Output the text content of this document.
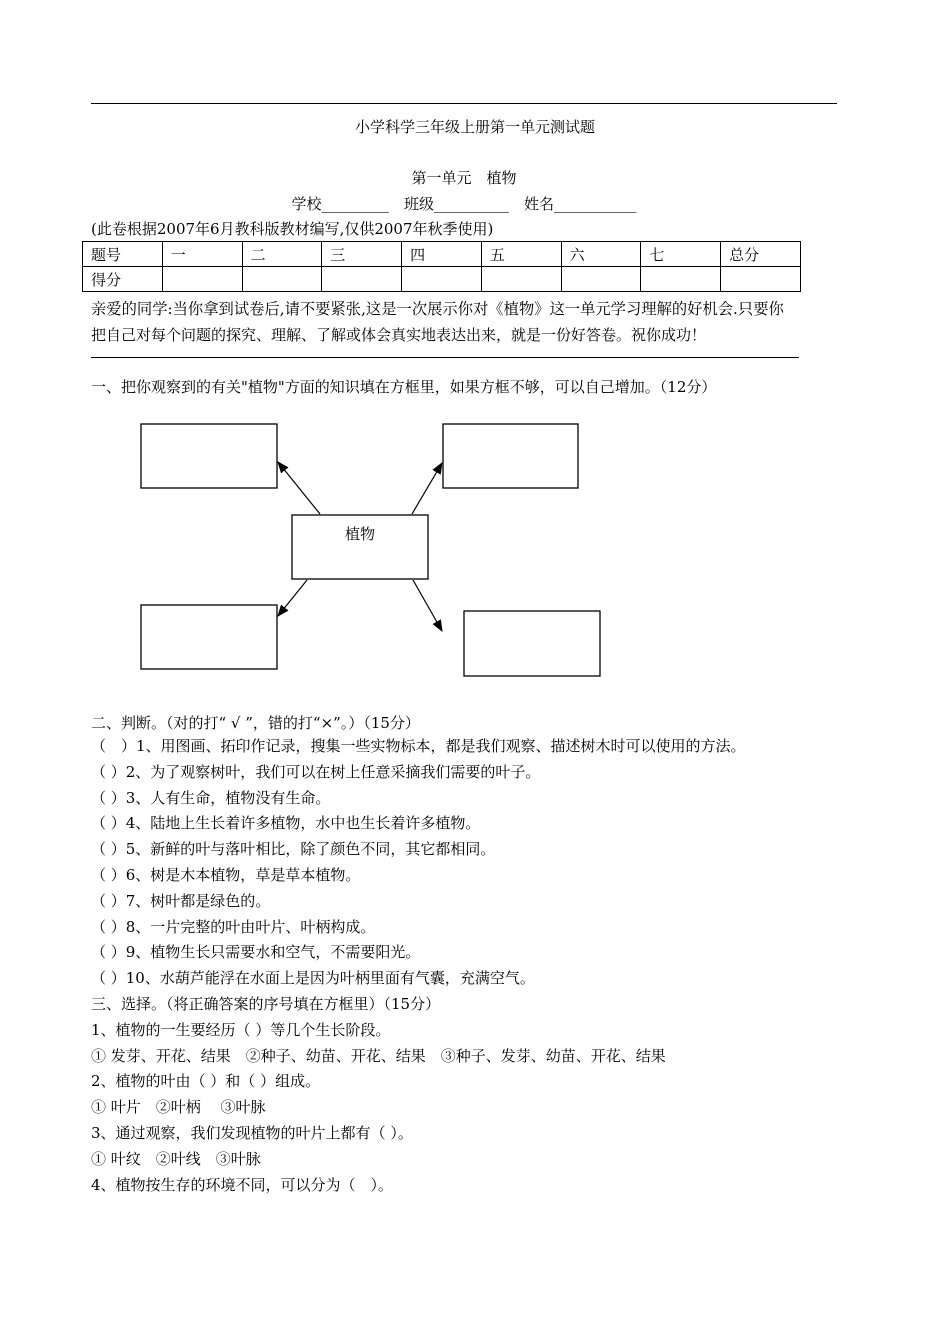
小学科学三年级上册第一单元测试题
第一单元　植物
学校_________　班级__________　姓名___________
(此卷根据2007年6月教科版教材编写,仅供2007年秋季使用)
题号	一	二	三	四	五	六	七	总分
得分								
亲爱的同学:当你拿到试卷后,请不要紧张,这是一次展示你对《植物》这一单元学习理解的好机会.只要你
把自己对每个问题的探究、理解、了解或体会真实地表达出来，就是一份好答卷。祝你成功！
一、把你观察到的有关"植物"方面的知识填在方框里，如果方框不够，可以自己增加。（12分）
植物
二、判断。（对的打“ √ ”，错的打“×”。）（15分）
（　）1、用图画、拓印作记录，搜集一些实物标本，都是我们观察、描述树木时可以使用的方法。
（ ）2、为了观察树叶，我们可以在树上任意采摘我们需要的叶子。
（ ）3、人有生命，植物没有生命。
（ ）4、陆地上生长着许多植物，水中也生长着许多植物。
（ ）5、新鲜的叶与落叶相比，除了颜色不同，其它都相同。
（ ）6、树是木本植物，草是草本植物。
（ ）7、树叶都是绿色的。
（ ）8、一片完整的叶由叶片、叶柄构成。
（ ）9、植物生长只需要水和空气，不需要阳光。
（ ）10、水葫芦能浮在水面上是因为叶柄里面有气囊，充满空气。
三、选择。（将正确答案的序号填在方框里）（15分）
1、植物的一生要经历（ ）等几个生长阶段。
① 发芽、开花、结果　②种子、幼苗、开花、结果　③种子、发芽、幼苗、开花、结果
2、植物的叶由（ ）和（ ）组成。
① 叶片　②叶柄　 ③叶脉
3、通过观察，我们发现植物的叶片上都有（ ）。
① 叶纹　②叶线　③叶脉
4、植物按生存的环境不同，可以分为（　）。
